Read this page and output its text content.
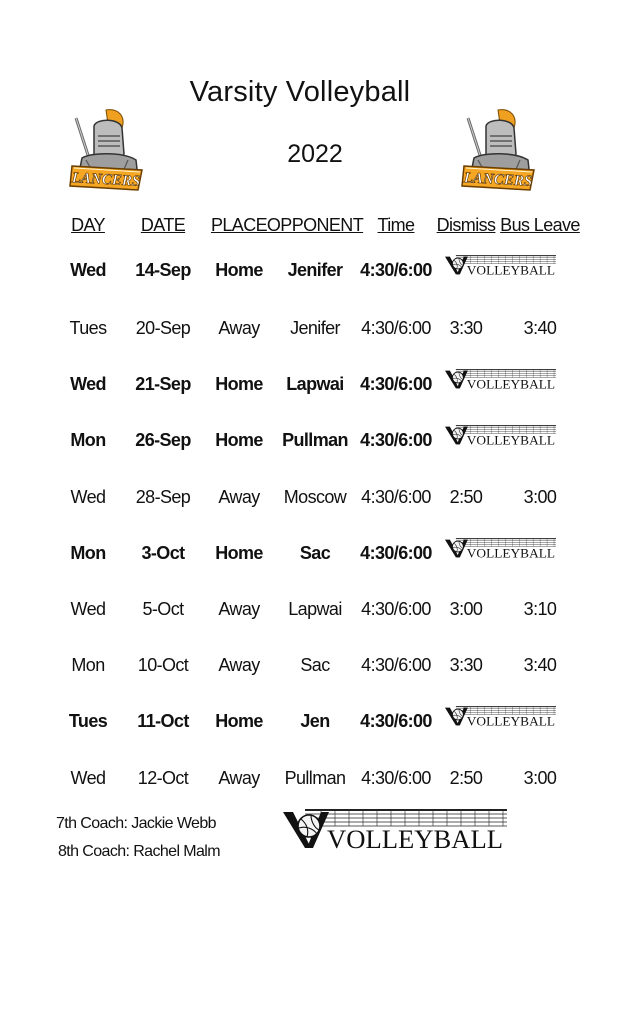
Varsity Volleyball
2022
LANCERS	LANCERS
DAY DATE PLACE OPPONENT Time Dismiss Bus Leave
Wed 14-Sep Home Jenifer 4:30/6:00 VOLLEYBALL
Tues 20-Sep Away Jenifer 4:30/6:00 3:30 3:40
Wed 21-Sep Home Lapwai 4:30/6:00 VOLLEYBALL
Mon 26-Sep Home Pullman 4:30/6:00 VOLLEYBALL
Wed 28-Sep Away Moscow 4:30/6:00 2:50 3:00
Mon 3-Oct Home Sac 4:30/6:00 VOLLEYBALL
Wed 5-Oct Away Lapwai 4:30/6:00 3:00 3:10
Mon 10-Oct Away Sac 4:30/6:00 3:30 3:40
Tues 11-Oct Home Jen 4:30/6:00 VOLLEYBALL
Wed 12-Oct Away Pullman 4:30/6:00 2:50 3:00
7th Coach: Jackie Webb
8th Coach: Rachel Malm	VOLLEYBALL
